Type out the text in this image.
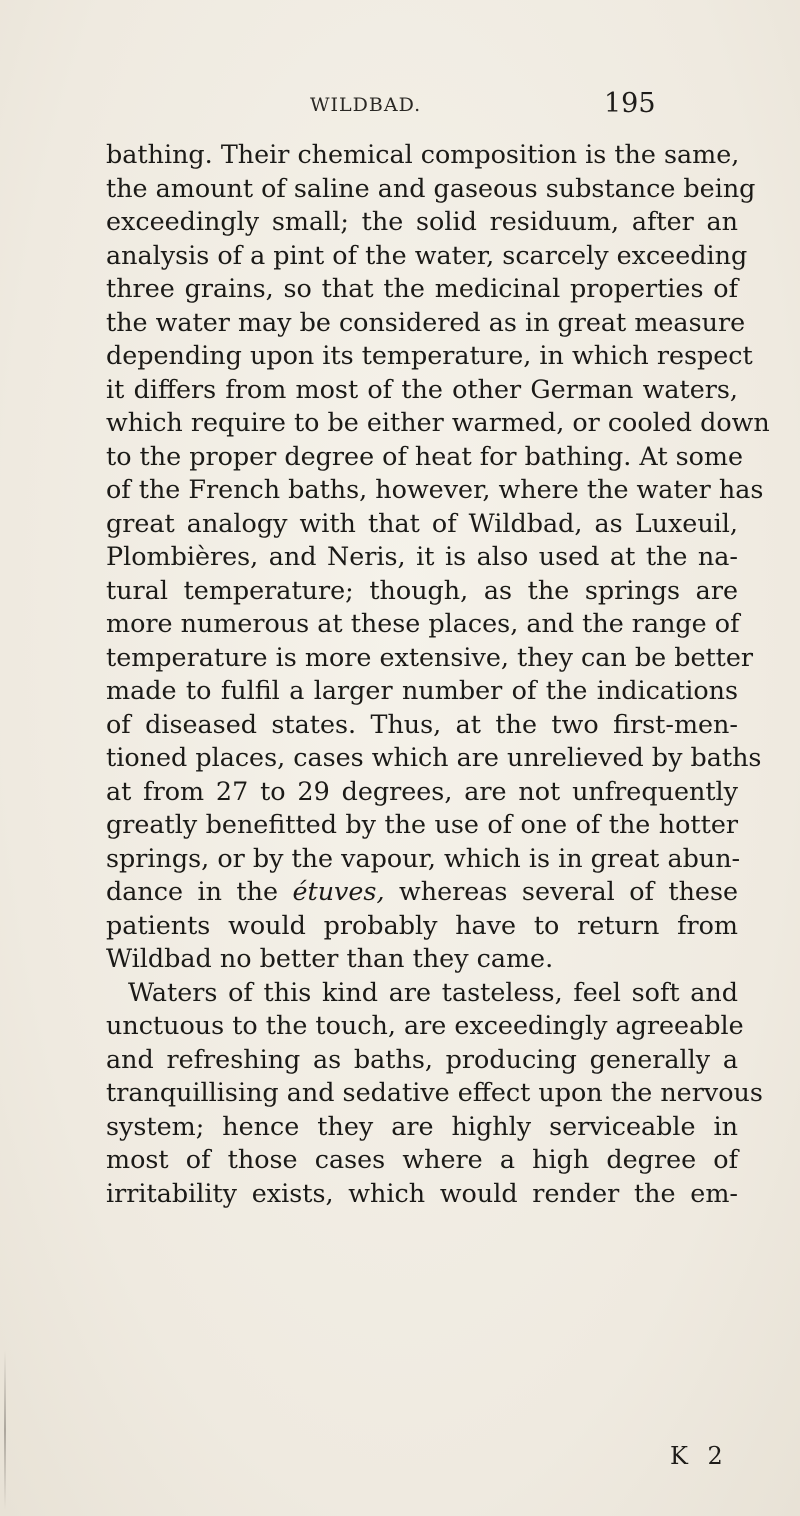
WILDBAD.	195
bathing. Their chemical composition is the same,
the amount of saline and gaseous substance being
exceedingly small; the solid residuum, after an
analysis of a pint of the water, scarcely exceeding
three grains, so that the medicinal properties of
the water may be considered as in great measure
depending upon its temperature, in which respect
it differs from most of the other German waters,
which require to be either warmed, or cooled down
to the proper degree of heat for bathing. At some
of the French baths, however, where the water has
great analogy with that of Wildbad, as Luxeuil,
Plombières, and Neris, it is also used at the na-
tural temperature; though, as the springs are
more numerous at these places, and the range of
temperature is more extensive, they can be better
made to fulfil a larger number of the indications
of diseased states. Thus, at the two first-men-
tioned places, cases which are unrelieved by baths
at from 27 to 29 degrees, are not unfrequently
greatly benefitted by the use of one of the hotter
springs, or by the vapour, which is in great abun-
dance in the étuves, whereas several of these
patients would probably have to return from
Wildbad no better than they came.
Waters of this kind are tasteless, feel soft and
unctuous to the touch, are exceedingly agreeable
and refreshing as baths, producing generally a
tranquillising and sedative effect upon the nervous
system; hence they are highly serviceable in
most of those cases where a high degree of
irritability exists, which would render the em-
K 2
